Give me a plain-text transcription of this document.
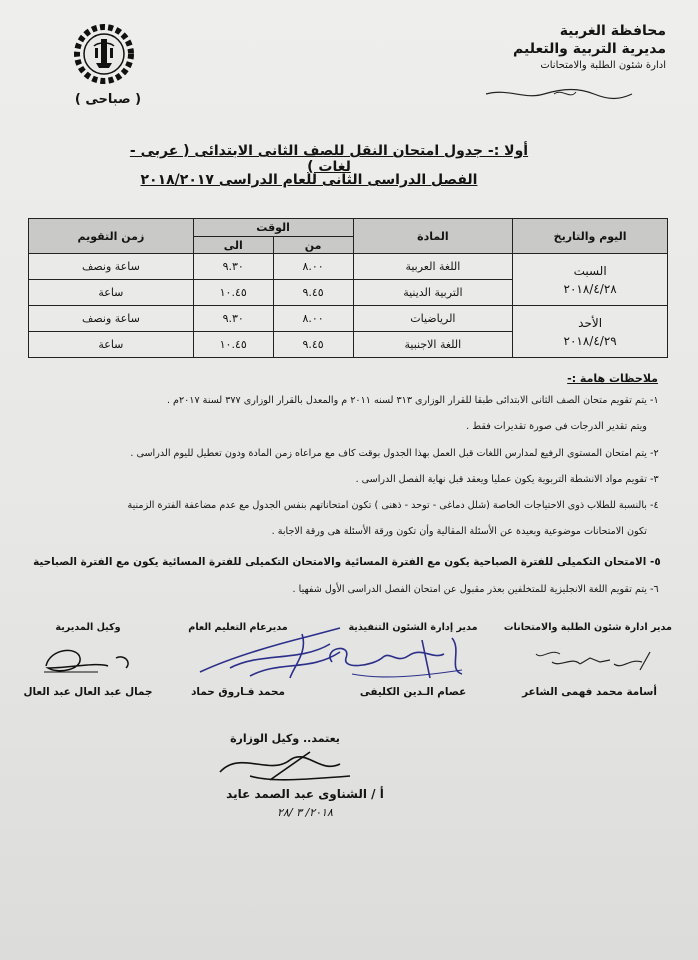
محافظة الغربية
مديرية التربية والتعليم
ادارة شئون الطلبة والامتحانات
( صباحى )
أولا :- جدول امتحان النقل للصف الثانى الابتدائى ( عربى - لغات )
الفصل الدراسى الثانى للعام الدراسى ٢٠١٨/٢٠١٧
اليوم والتاريخ	المادة	الوقت		زمن التقويم
		من	الى	

السبت
٢٠١٨/٤/٢٨	اللغة العربية	٨.٠٠	٩.٣٠	ساعة ونصف
	التربية الدينية	٩.٤٥	١٠.٤٥	ساعة

الأحد
٢٠١٨/٤/٢٩	الرياضيات	٨.٠٠	٩.٣٠	ساعة ونصف
	اللغة الاجنبية	٩.٤٥	١٠.٤٥	ساعة
ملاحظات هامة :-
١- يتم تقويم متحان الصف الثانى الابتدائى طبقا للقرار الوزارى ٣١٣ لسنه ٢٠١١ م والمعدل بالقرار الوزارى ٣٧٧ لسنة ٢٠١٧م .
ويتم تقدير الدرجات فى صورة تقديرات فقط .
٢- يتم امتحان المستوى الرفيع لمدارس اللغات قبل العمل بهذا الجدول بوقت كاف مع مراعاه زمن المادة ودون تعطيل لليوم الدراسى .
٣- تقويم مواد الانشطة التربوية يكون عمليا ويعقد قبل نهاية الفصل الدراسى .
٤- بالنسبة للطلاب ذوى الاحتياجات الخاصة (شلل دماغى - توحد - ذهنى ) تكون امتحاناتهم بنفس الجدول مع عدم مضاعفة الفترة الزمنية
تكون الامتحانات موضوعية وبعيدة عن الأسئلة المقالية وأن تكون ورقة الأسئلة هى ورقة الاجابة .
٥- الامتحان التكميلى للفترة الصباحية يكون مع الفترة المسائية والامتحان التكميلى للفترة المسائية يكون مع الفترة الصباحية
٦- يتم تقويم اللغة الانجليزية للمتخلفين بعذر مقبول عن امتحان الفصل الدراسى الأول شفهيا .
مدير ادارة شئون الطلبة والامتحانات
مدير إدارة الشئون التنفيذية
مديرعام التعليم العام
وكيل المديرية
أسامة محمد فهمى الشاعر
عصام الـدين الكليفى
محمد فـاروق حماد
جمال عبد العال عبد العال
يعتمد.. وكيل الوزارة
أ / الشناوى عبد الصمد عايد
٢٠١٨/ ٣ /٢٨
